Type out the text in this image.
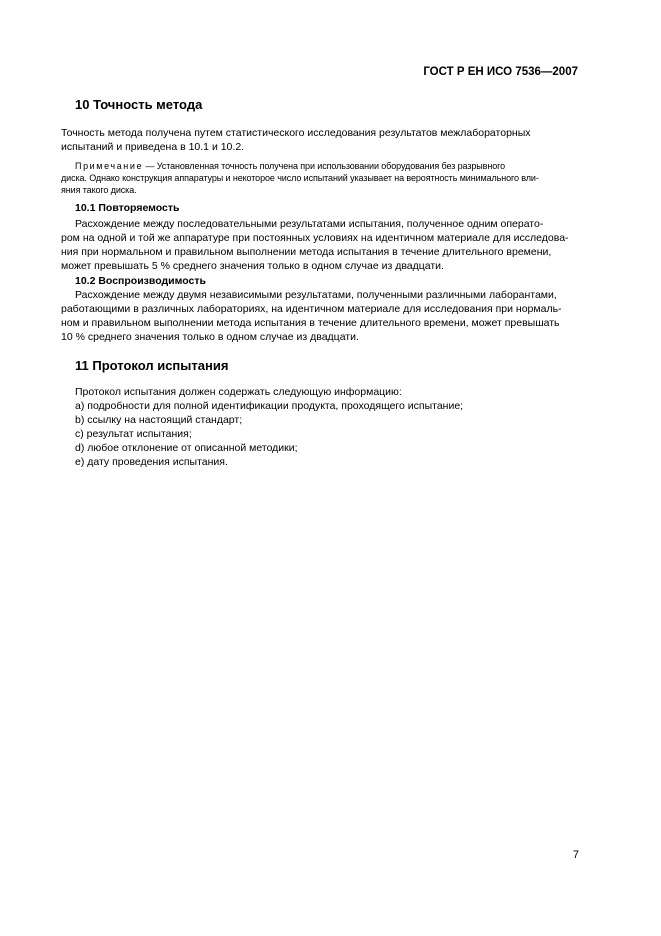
ГОСТ Р ЕН ИСО 7536—2007
10 Точность метода

Точность метода получена путем статистического исследования результатов межлабораторных

испытаний и приведена в 10.1 и 10.2.

Примечание — Установленная точность получена при использовании оборудования без разрывного
диска. Однако конструкция аппаратуры и некоторое число испытаний указывает на вероятность минимального вли-
яния такого диска.
10.1 Повторяемость

Расхождение между последовательными результатами испытания, полученное одним операто-

ром на одной и той же аппаратуре при постоянных условиях на идентичном материале для исследова-

ния при нормальном и правильном выполнении метода испытания в течение длительного времени,

может превышать 5 % среднего значения только в одном случае из двадцати.

10.2 Воспроизводимость

Расхождение между двумя независимыми результатами, полученными различными лаборантами,

работающими в различных лабораториях, на идентичном материале для исследования при нормаль-

ном и правильном выполнении метода испытания в течение длительного времени, может превышать

10 % среднего значения только в одном случае из двадцати.

11 Протокол испытания

Протокол испытания должен содержать следующую информацию:

a) подробности для полной идентификации продукта, проходящего испытание;
b) ссылку на настоящий стандарт;
c) результат испытания;
d) любое отклонение от описанной методики;
e) дату проведения испытания.
7
